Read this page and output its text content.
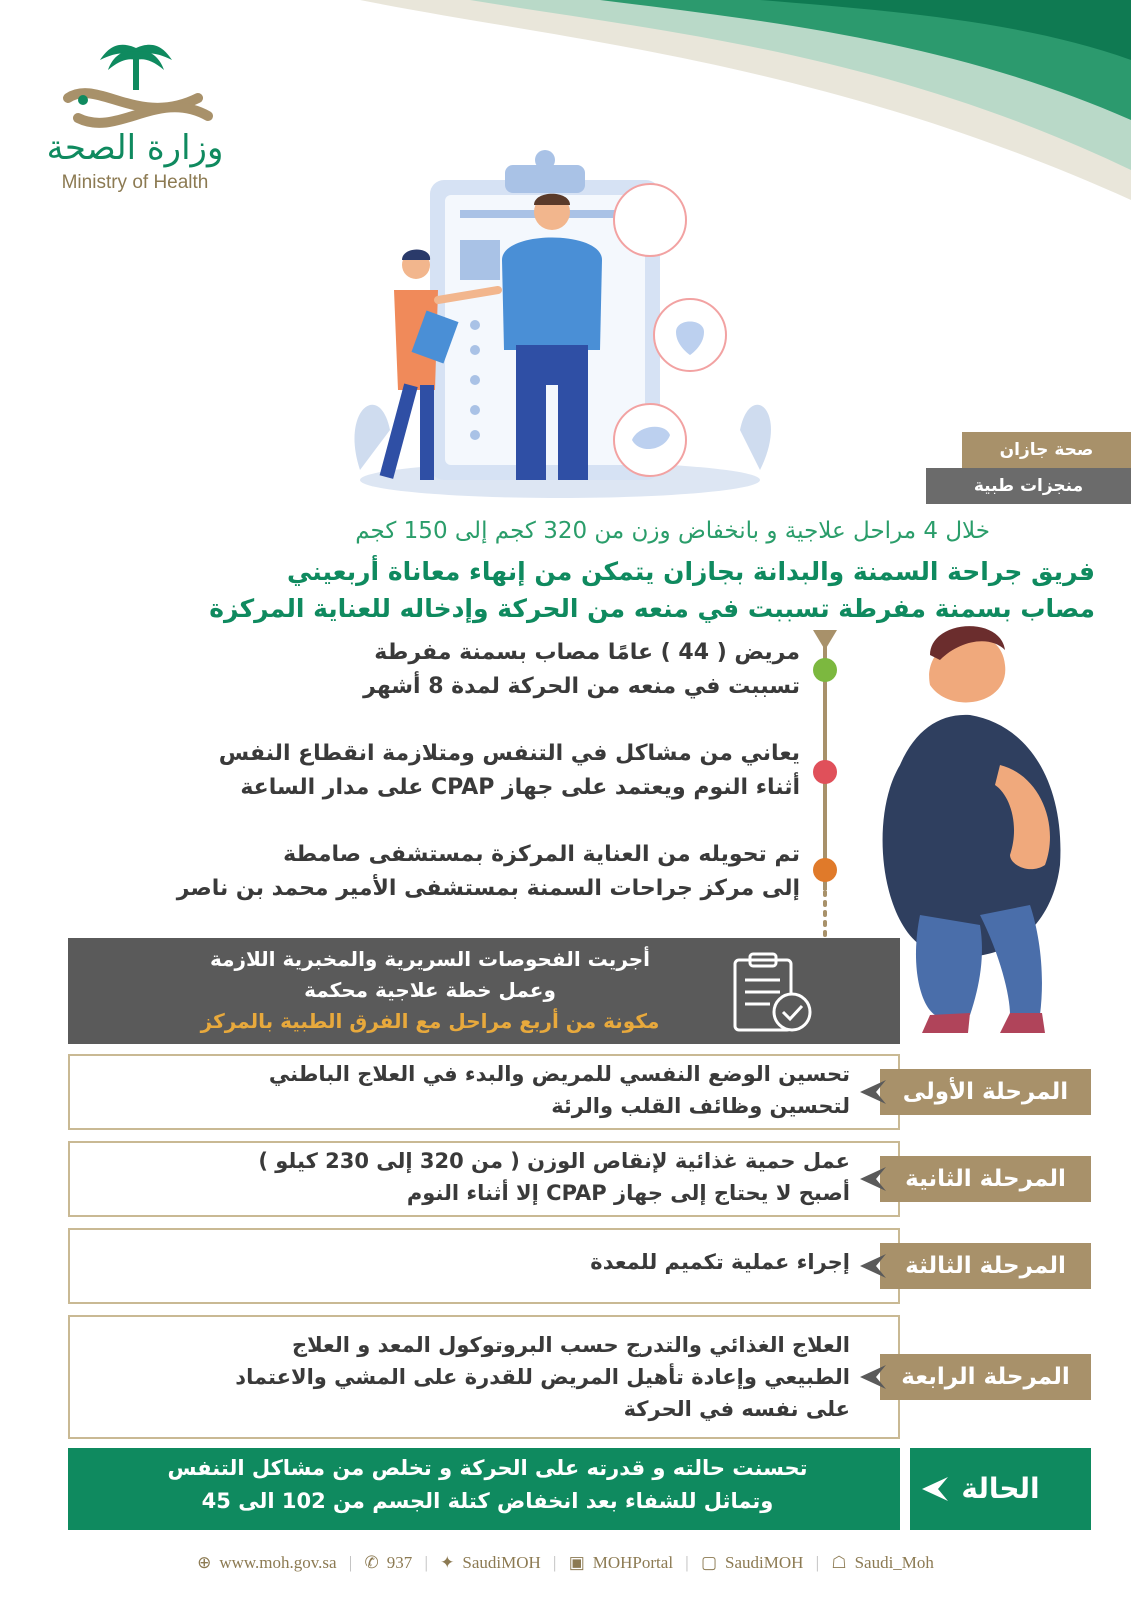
وزارة الصحة
Ministry of Health
صحة جازان
منجزات طبية
خلال 4 مراحل علاجية و بانخفاض وزن من 320 كجم إلى 150 كجم
فريق جراحة السمنة والبدانة بجازان يتمكن من إنهاء معاناة أربعيني
مصاب بسمنة مفرطة تسببت في منعه من الحركة وإدخاله للعناية المركزة
مريض ( 44 ) عامًا مصاب بسمنة مفرطة
تسببت في منعه من الحركة لمدة 8 أشهر
يعاني من مشاكل في التنفس ومتلازمة انقطاع النفس
أثناء النوم ويعتمد على جهاز CPAP على مدار الساعة
تم تحويله من العناية المركزة بمستشفى صامطة
إلى مركز جراحات السمنة بمستشفى الأمير محمد بن ناصر
أجريت الفحوصات السريرية والمخبرية اللازمة
وعمل خطة علاجية محكمة
مكونة من أربع مراحل مع الفرق الطبية بالمركز
تحسين الوضع النفسي للمريض والبدء في العلاج الباطني
لتحسين وظائف القلب والرئة
المرحلة الأولى
عمل حمية غذائية لإنقاص الوزن ( من 320 إلى 230 كيلو )
أصبح لا يحتاج إلى جهاز CPAP إلا أثناء النوم
المرحلة الثانية
إجراء عملية تكميم للمعدة	المرحلة الثالثة
العلاج الغذائي والتدرج حسب البروتوكول المعد و العلاج
الطبيعي وإعادة تأهيل المريض للقدرة على المشي والاعتماد
على نفسه في الحركة
المرحلة الرابعة
تحسنت حالته و قدرته على الحركة و تخلص من مشاكل التنفس
وتماثل للشفاء بعد انخفاض كتلة الجسم من 102 الى 45	الحالة
⊕ www.moh.gov.sa | ✆ 937 | ✦ SaudiMOH | ▣ MOHPortal | ▢ SaudiMOH | ☖ Saudi_Moh
